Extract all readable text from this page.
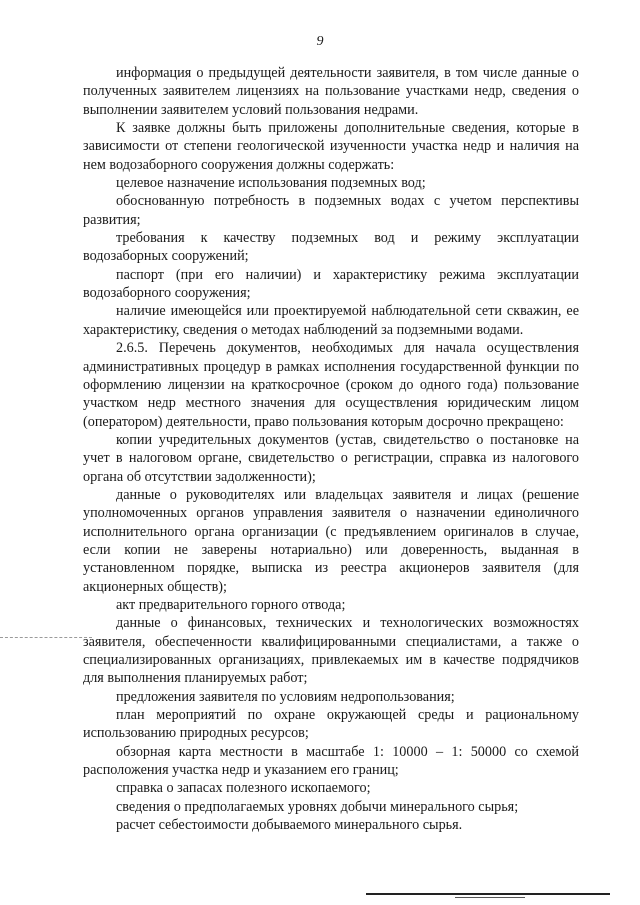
9

информация о предыдущей деятельности заявителя, в том числе данные о полученных заявителем лицензиях на пользование участками недр, сведения о выполнении заявителем условий пользования недрами.

К заявке должны быть приложены дополнительные сведения, которые в зависимости от степени геологической изученности участка недр и наличия на нем водозаборного сооружения должны содержать:

целевое назначение использования подземных вод;

обоснованную потребность в подземных водах с учетом перспективы развития;

требования к качеству подземных вод и режиму эксплуатации водозаборных сооружений;

паспорт (при его наличии) и характеристику режима эксплуатации водозаборного сооружения;

наличие имеющейся или проектируемой наблюдательной сети скважин, ее характеристику, сведения о методах наблюдений за подземными водами.

2.6.5. Перечень документов, необходимых для начала осуществления административных процедур в рамках исполнения государственной функции по оформлению лицензии на краткосрочное (сроком до одного года) пользование участком недр местного значения для осуществления юридическим лицом (оператором) деятельности, право пользования которым досрочно прекращено:

копии учредительных документов (устав, свидетельство о постановке на учет в налоговом органе, свидетельство о регистрации, справка из налогового органа об отсутствии задолженности);

данные о руководителях или владельцах заявителя и лицах (решение уполномоченных органов управления заявителя о назначении единоличного исполнительного органа организации (с предъявлением оригиналов в случае, если копии не заверены нотариально) или доверенность, выданная в установленном порядке, выписка из реестра акционеров заявителя (для акционерных обществ);

акт предварительного горного отвода;

данные о финансовых, технических и технологических возможностях заявителя, обеспеченности квалифицированными специалистами, а также о специализированных организациях, привлекаемых им в качестве подрядчиков для выполнения планируемых работ;

предложения заявителя по условиям недропользования;

план мероприятий по охране окружающей среды и рациональному использованию природных ресурсов;

обзорная карта местности в масштабе 1: 10000 – 1: 50000 со схемой расположения участка недр и указанием его границ;

справка о запасах полезного ископаемого;

сведения о предполагаемых уровнях добычи минерального сырья;

расчет себестоимости добываемого минерального сырья.
